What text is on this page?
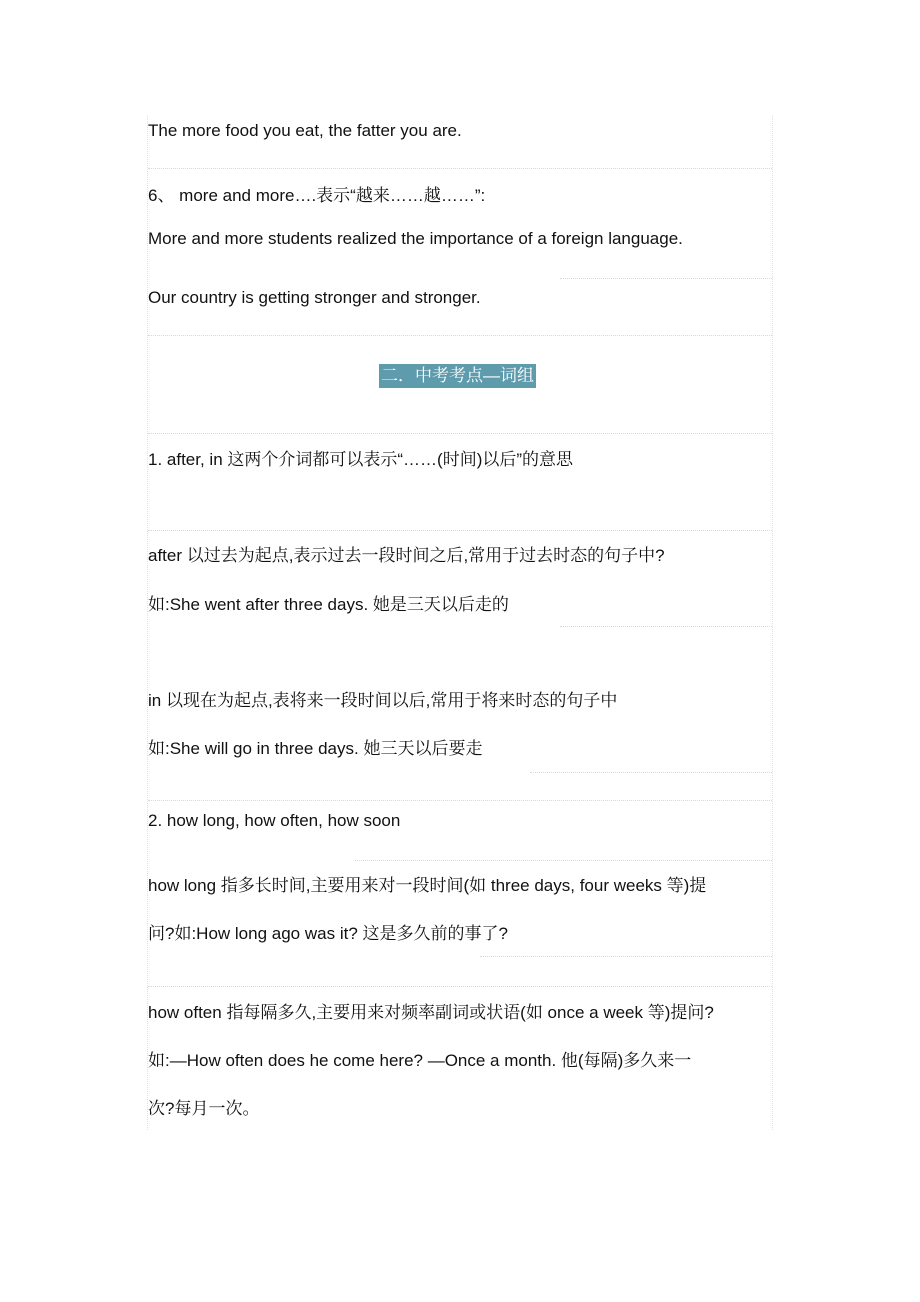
The more food you eat, the fatter you are.
6、 more and more….表示“越来……越……”:
More and more students realized the importance of a foreign language.
Our country is getting stronger and stronger.
二．中考考点—词组
1. after, in 这两个介词都可以表示“……(时间)以后”的意思
after 以过去为起点,表示过去一段时间之后,常用于过去时态的句子中?
如:She went after three days. 她是三天以后走的
in 以现在为起点,表将来一段时间以后,常用于将来时态的句子中
如:She will go in three days. 她三天以后要走
2. how long, how often, how soon
how long 指多长时间,主要用来对一段时间(如 three days, four weeks 等)提
问?如:How long ago was it? 这是多久前的事了?
how often 指每隔多久,主要用来对频率副词或状语(如 once a week 等)提问?
如:—How often does he come here? —Once a month. 他(每隔)多久来一
次?每月一次。
